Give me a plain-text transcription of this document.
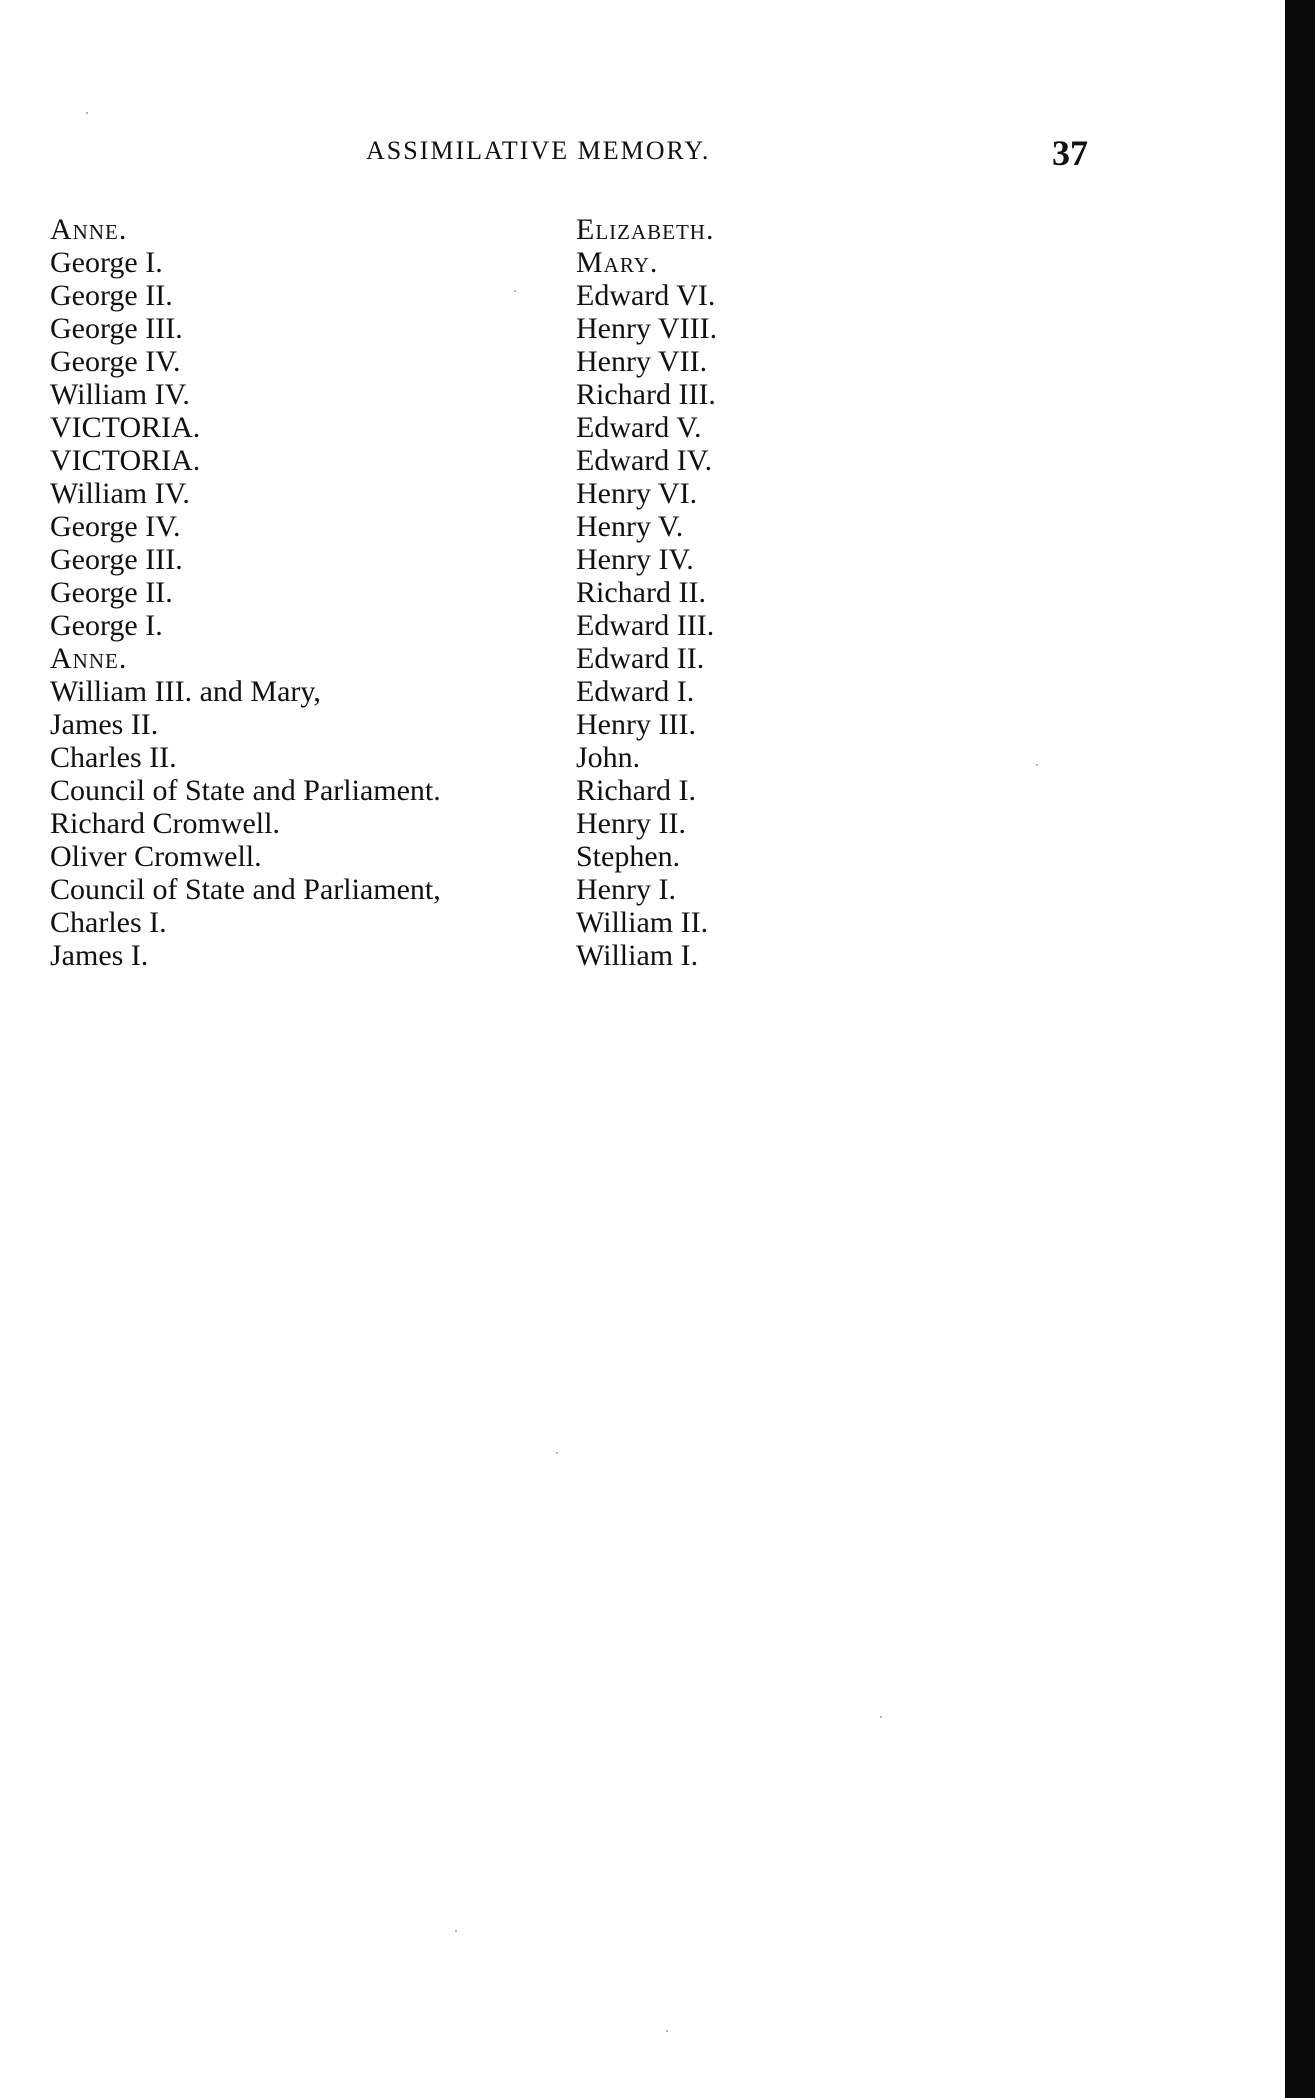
ASSIMILATIVE MEMORY.	37
Anne.
George I.
George II.
George III.
George IV.
William IV.
VICTORIA.
VICTORIA.
William IV.
George IV.
George III.
George II.
George I.
Anne.
William III. and Mary,
James II.
Charles II.
Council of State and Parliament.
Richard Cromwell.
Oliver Cromwell.
Council of State and Parliament,
Charles I.
James I.
Elizabeth.
Mary.
Edward VI.
Henry VIII.
Henry VII.
Richard III.
Edward V.
Edward IV.
Henry VI.
Henry V.
Henry IV.
Richard II.
Edward III.
Edward II.
Edward I.
Henry III.
John.
Richard I.
Henry II.
Stephen.
Henry I.
William II.
William I.
